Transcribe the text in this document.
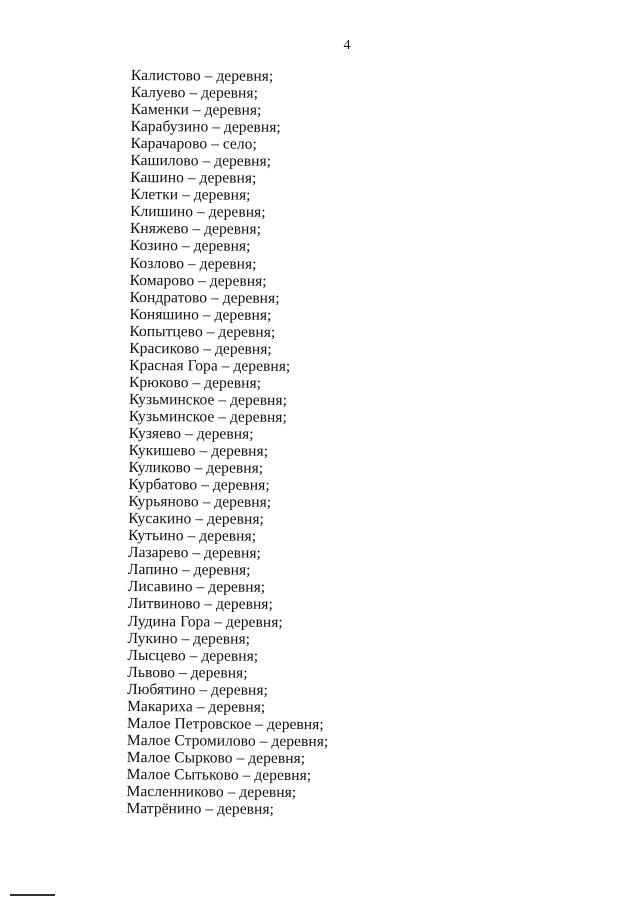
4
Калистово – деревня;
Калуево – деревня;
Каменки – деревня;
Карабузино – деревня;
Карачарово – село;
Кашилово – деревня;
Кашино – деревня;
Клетки – деревня;
Клишино – деревня;
Княжево – деревня;
Козино – деревня;
Козлово – деревня;
Комарово – деревня;
Кондратово – деревня;
Коняшино – деревня;
Копытцево – деревня;
Красиково – деревня;
Красная Гора – деревня;
Крюково – деревня;
Кузьминское – деревня;
Кузьминское – деревня;
Кузяево – деревня;
Кукишево – деревня;
Куликово – деревня;
Курбатово – деревня;
Курьяново – деревня;
Кусакино – деревня;
Кутьино – деревня;
Лазарево – деревня;
Лапино – деревня;
Лисавино – деревня;
Литвиново – деревня;
Лудина Гора – деревня;
Лукино – деревня;
Лысцево – деревня;
Львово – деревня;
Любятино – деревня;
Макариха – деревня;
Малое Петровское – деревня;
Малое Стромилово – деревня;
Малое Сырково – деревня;
Малое Сытьково – деревня;
Масленниково – деревня;
Матрёнино – деревня;
